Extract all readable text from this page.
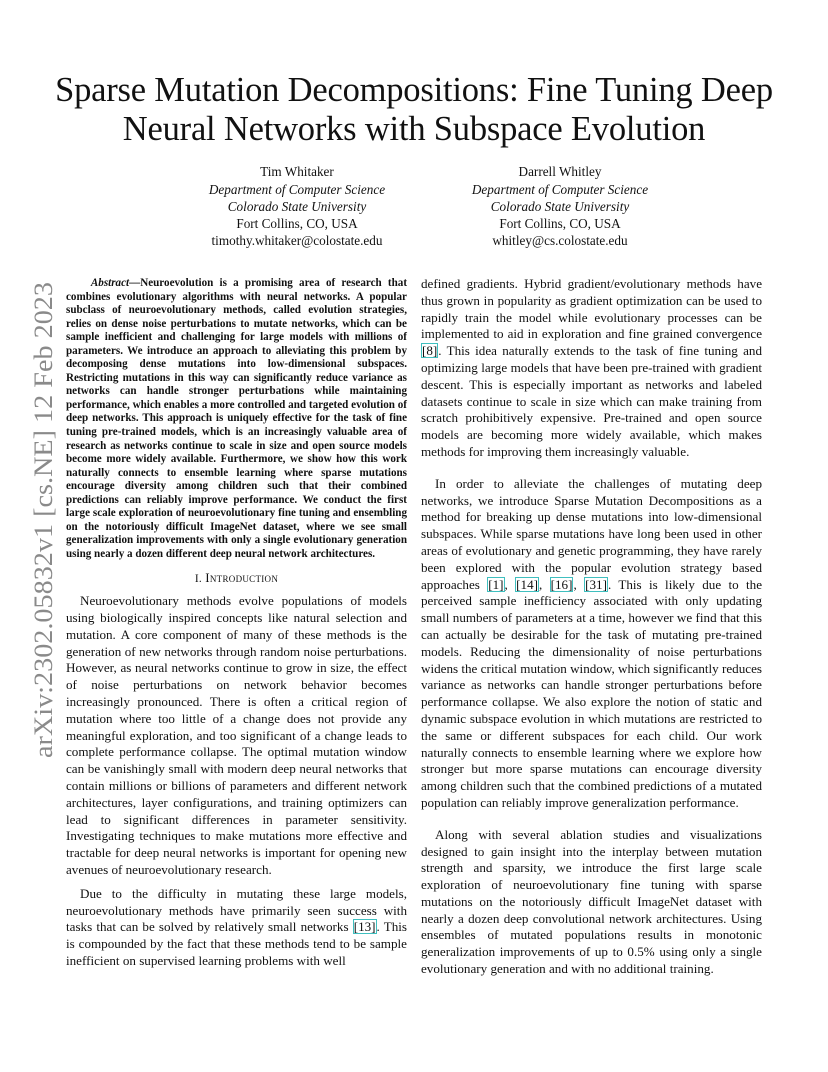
arXiv:2302.05832v1 [cs.NE] 12 Feb 2023
Sparse Mutation Decompositions: Fine Tuning Deep Neural Networks with Subspace Evolution
Tim Whitaker
Department of Computer Science
Colorado State University
Fort Collins, CO, USA
timothy.whitaker@colostate.edu
Darrell Whitley
Department of Computer Science
Colorado State University
Fort Collins, CO, USA
whitley@cs.colostate.edu
Abstract—Neuroevolution is a promising area of research that combines evolutionary algorithms with neural networks. A popular subclass of neuroevolutionary methods, called evolution strategies, relies on dense noise perturbations to mutate networks, which can be sample inefficient and challenging for large models with millions of parameters. We introduce an approach to alleviating this problem by decomposing dense mutations into low-dimensional subspaces. Restricting mutations in this way can significantly reduce variance as networks can handle stronger perturbations while maintaining performance, which enables a more controlled and targeted evolution of deep networks. This approach is uniquely effective for the task of fine tuning pre-trained models, which is an increasingly valuable area of research as networks continue to scale in size and open source models become more widely available. Furthermore, we show how this work naturally connects to ensemble learning where sparse mutations encourage diversity among children such that their combined predictions can reliably improve performance. We conduct the first large scale exploration of neuroevolutionary fine tuning and ensembling on the notoriously difficult ImageNet dataset, where we see small generalization improvements with only a single evolutionary generation using nearly a dozen different deep neural network architectures.
I. Introduction

Neuroevolutionary methods evolve populations of models using biologically inspired concepts like natural selection and mutation. A core component of many of these methods is the generation of new networks through random noise perturbations. However, as neural networks continue to grow in size, the effect of noise perturbations on network behavior becomes increasingly pronounced. There is often a critical region of mutation where too little of a change does not provide any meaningful exploration, and too significant of a change leads to complete performance collapse. The optimal mutation window can be vanishingly small with modern deep neural networks that contain millions or billions of parameters and different network architectures, layer configurations, and training optimizers can lead to significant differences in parameter sensitivity. Investigating techniques to make mutations more effective and tractable for deep neural networks is important for opening new avenues of neuroevolutionary research.

Due to the difficulty in mutating these large models, neuroevolutionary methods have primarily seen success with tasks that can be solved by relatively small networks [13]. This is compounded by the fact that these methods tend to be sample inefficient on supervised learning problems with well

defined gradients. Hybrid gradient/evolutionary methods have thus grown in popularity as gradient optimization can be used to rapidly train the model while evolutionary processes can be implemented to aid in exploration and fine grained convergence [8]. This idea naturally extends to the task of fine tuning and optimizing large models that have been pre-trained with gradient descent. This is especially important as networks and labeled datasets continue to scale in size which can make training from scratch prohibitively expensive. Pre-trained and open source models are becoming more widely available, which makes methods for improving them increasingly valuable.

In order to alleviate the challenges of mutating deep networks, we introduce Sparse Mutation Decompositions as a method for breaking up dense mutations into low-dimensional subspaces. While sparse mutations have long been used in other areas of evolutionary and genetic programming, they have rarely been explored with the popular evolution strategy based approaches [1], [14], [16], [31]. This is likely due to the perceived sample inefficiency associated with only updating small numbers of parameters at a time, however we find that this can actually be desirable for the task of mutating pre-trained models. Reducing the dimensionality of noise perturbations widens the critical mutation window, which significantly reduces variance as networks can handle stronger perturbations before performance collapse. We also explore the notion of static and dynamic subspace evolution in which mutations are restricted to the same or different subspaces for each child. Our work naturally connects to ensemble learning where we explore how stronger but more sparse mutations can encourage diversity among children such that the combined predictions of a mutated population can reliably improve generalization performance.

Along with several ablation studies and visualizations designed to gain insight into the interplay between mutation strength and sparsity, we introduce the first large scale exploration of neuroevolutionary fine tuning with sparse mutations on the notoriously difficult ImageNet dataset with nearly a dozen deep convolutional network architectures. Using ensembles of mutated populations results in monotonic generalization improvements of up to 0.5% using only a single evolutionary generation and with no additional training.
